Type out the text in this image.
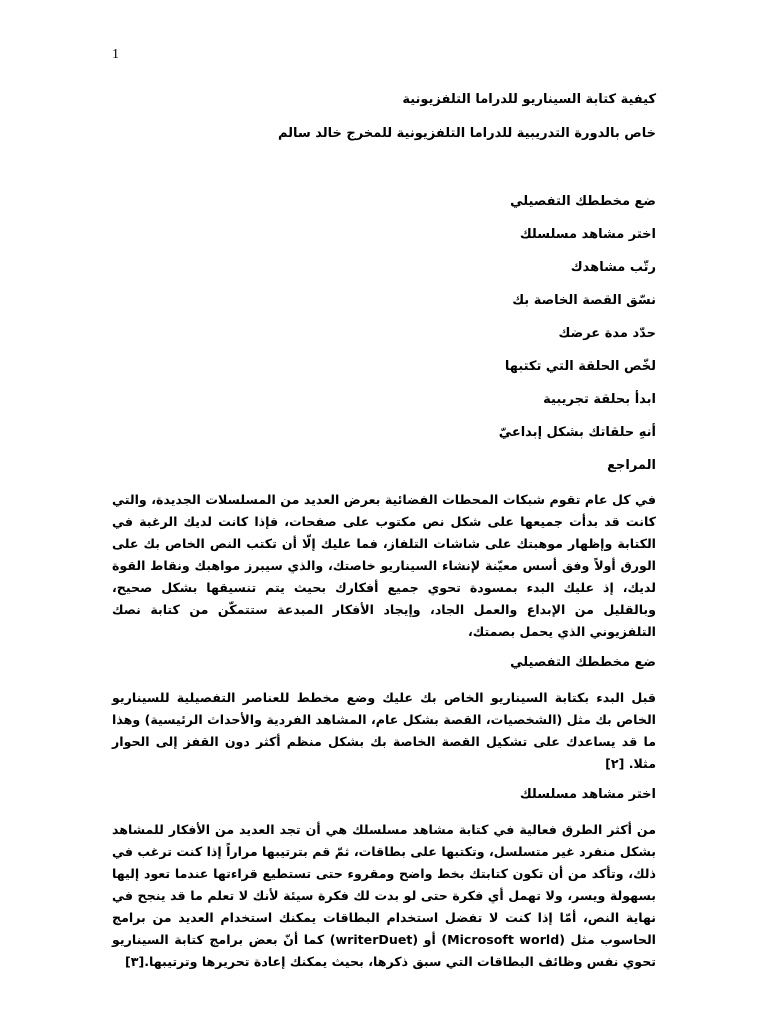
1
كيفية كتابة السيناريو للدراما التلفزيونية
خاص بالدورة التدريبية للدراما التلفزيونية للمخرج خالد سالم
ضع مخططك التفصيلي
اختر مشاهد مسلسلك
رتّب مشاهدك
نسّق القصة الخاصة بك
حدّد مدة عرضك
لخّص الحلقة التي تكتبها
ابدأ بحلقة تجريبية
أنهِ حلقاتك بشكل إبداعيّ
المراجع

في كل عام تقوم شبكات المحطات الفضائية بعرض العديد من المسلسلات الجديدة، والتي كانت قد بدأت جميعها على شكل نص مكتوب على صفحات، فإذا كانت لديك الرغبة في الكتابة وإظهار موهبتك على شاشات التلفاز، فما عليك إلّا أن تكتب النص الخاص بك على الورق أولاً وفق أسس معيّنة لإنشاء السيناريو خاصتك، والذي سيبرز مواهبك ونقاط القوة لديك، إذ عليك البدء بمسودة تحوي جميع أفكارك بحيث يتم تنسيقها بشكل صحيح، وبالقليل من الإبداع والعمل الجاد، وإيجاد الأفكار المبدعة ستتمكّن من كتابة نصك التلفزيوني الذي يحمل بصمتك،

ضع مخططك التفصيلي

قبل البدء بكتابة السيناريو الخاص بك عليك وضع مخطط للعناصر التفصيلية للسيناريو الخاص بك مثل (الشخصيات، القصة بشكل عام، المشاهد الفردية والأحداث الرئيسية) وهذا ما قد يساعدك على تشكيل القصة الخاصة بك بشكل منظم أكثر دون القفز إلى الحوار مثلا. [٢]

اختر مشاهد مسلسلك

من أكثر الطرق فعالية في كتابة مشاهد مسلسلك هي أن تجد العديد من الأفكار للمشاهد بشكل منفرد غير متسلسل، وتكتبها على بطاقات، ثمّ قم بترتيبها مراراً إذا كنت ترغب في ذلك، وتأكد من أن تكون كتابتك بخط واضح ومقروء حتى تستطيع قراءتها عندما تعود إليها بسهولة ويسر، ولا تهمل أي فكرة حتى لو بدت لك فكرة سيئة لأنك لا تعلم ما قد ينجح في نهاية النص، أمّا إذا كنت لا تفضل استخدام البطاقات يمكنك استخدام العديد من برامج الحاسوب مثل (Microsoft world) أو (writerDuet) كما أنّ بعض برامج كتابة السيناريو تحوي نفس وظائف البطاقات التي سبق ذكرها، بحيث يمكنك إعادة تحريرها وترتيبها.[٣]
